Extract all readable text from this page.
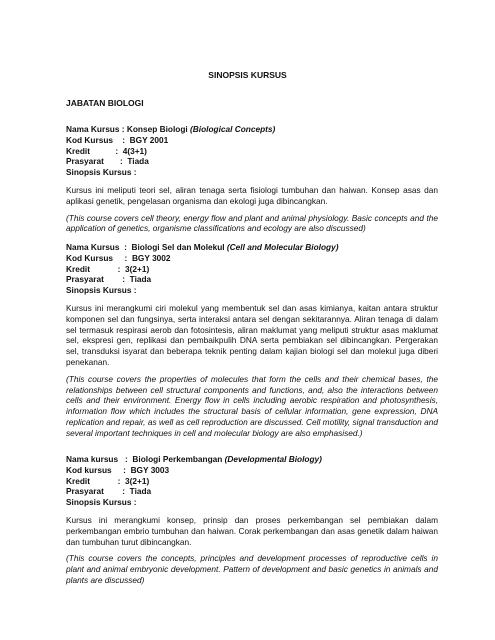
SINOPSIS KURSUS
JABATAN BIOLOGI
Nama Kursus : Konsep Biologi (Biological Concepts)
Kod Kursus    :  BGY 2001
Kredit           :  4(3+1)
Prasyarat       :  Tiada
Sinopsis Kursus :
Kursus ini meliputi teori sel, aliran tenaga serta fisiologi tumbuhan dan haiwan. Konsep asas dan aplikasi genetik, pengelasan organisma dan ekologi juga dibincangkan.
(This course covers cell theory, energy flow and plant and animal physiology. Basic concepts and the application of genetics, organisme classifications and ecology are also discussed)
Nama Kursus  :  Biologi Sel dan Molekul (Cell and Molecular Biology)
Kod Kursus     :  BGY 3002
Kredit            :  3(2+1)
Prasyarat        :  Tiada
Sinopsis Kursus :
Kursus ini merangkumi ciri molekul yang membentuk sel dan asas kimianya, kaitan antara struktur komponen sel dan fungsinya, serta interaksi antara sel dengan sekitarannya. Aliran tenaga di dalam sel termasuk respirasi aerob dan fotosintesis, aliran maklumat yang meliputi struktur asas maklumat sel, ekspresi gen, replikasi dan pembaikpulih DNA serta pembiakan sel dibincangkan. Pergerakan sel, transduksi isyarat dan beberapa teknik penting dalam kajian biologi sel dan molekul juga diberi penekanan.
(This course covers the properties of molecules that form the cells and their chemical bases, the relationships between cell structural components and functions, and, also the interactions between cells and their environment. Energy flow in cells including aerobic respiration and photosynthesis, information flow which includes the structural basis of cellular information, gene expression, DNA replication and repair, as well as cell reproduction are discussed. Cell motility, signal transduction and several important techniques in cell and molecular biology are also emphasised.)
Nama kursus   :  Biologi Perkembangan (Developmental Biology)
Kod kursus     :  BGY 3003
Kredit            :  3(2+1)
Prasyarat        :  Tiada
Sinopsis Kursus :
Kursus ini merangkumi konsep, prinsip dan proses perkembangan sel pembiakan dalam perkembangan embrio tumbuhan dan haiwan. Corak perkembangan dan asas genetik dalam haiwan dan tumbuhan turut dibincangkan.
(This course covers the concepts, principles and development processes of reproductive cells in plant and animal embryonic development. Pattern of development and basic genetics in animals and plants are discussed)
